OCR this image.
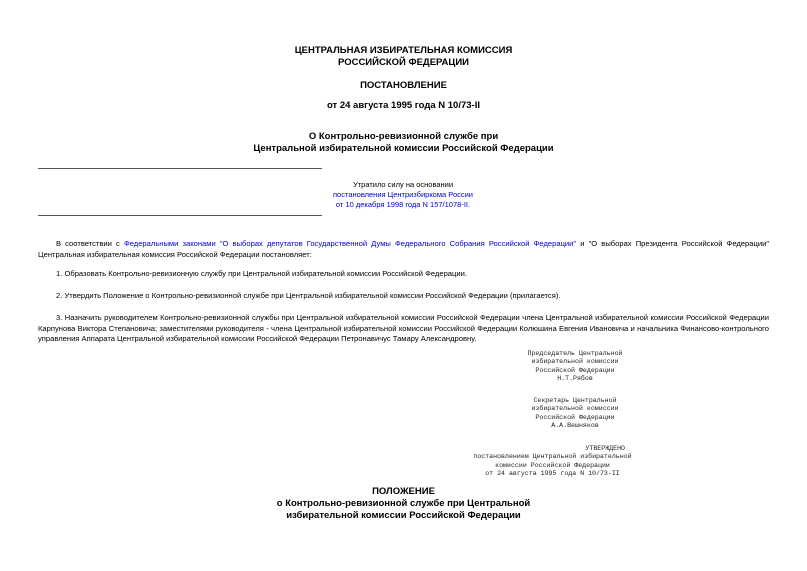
ЦЕНТРАЛЬНАЯ ИЗБИРАТЕЛЬНАЯ КОМИССИЯ
РОССИЙСКОЙ ФЕДЕРАЦИИ
ПОСТАНОВЛЕНИЕ
от 24 августа 1995 года N 10/73-II
О Контрольно-ревизионной службе при
Центральной избирательной комиссии Российской Федерации
Утратило силу на основании
постановления Центризбиркома России
от 10 декабря 1998 года N 157/1078-II.
В соответствии с Федеральными законами "О выборах депутатов Государственной Думы Федерального Собрания Российской Федерации" и "О выборах Президента Российской Федерации" Центральная избирательная комиссия Российской Федерации постановляет:
1. Образовать Контрольно-ревизионную службу при Центральной избирательной комиссии Российской Федерации.
2. Утвердить Положение о Контрольно-ревизионной службе при Центральной избирательной комиссии Российской Федерации (прилагается).
3. Назначить руководителем Контрольно-ревизионной службы при Центральной избирательной комиссии Российской Федерации члена Центральной избирательной комиссии Российской Федерации Карпунова Виктора Степановича; заместителями руководителя - члена Центральной избирательной комиссии Российской Федерации Колюшина Евгения Ивановича и начальника Финансово-контрольного управления Аппарата Центральной избирательной комиссии Российской Федерации Петронавичус Тамару Александровну.
Председатель Центральной
избирательной комиссии
Российской Федерации
Н.Т.Рябов
Секретарь Центральной
избирательной комиссии
Российской Федерации
А.А.Вешняков
УТВЕРЖДЕНО
постановлением Центральной избирательной
комиссии Российской Федерации
от 24 августа 1995 года N 10/73-II
ПОЛОЖЕНИЕ
о Контрольно-ревизионной службе при Центральной
избирательной комиссии Российской Федерации
